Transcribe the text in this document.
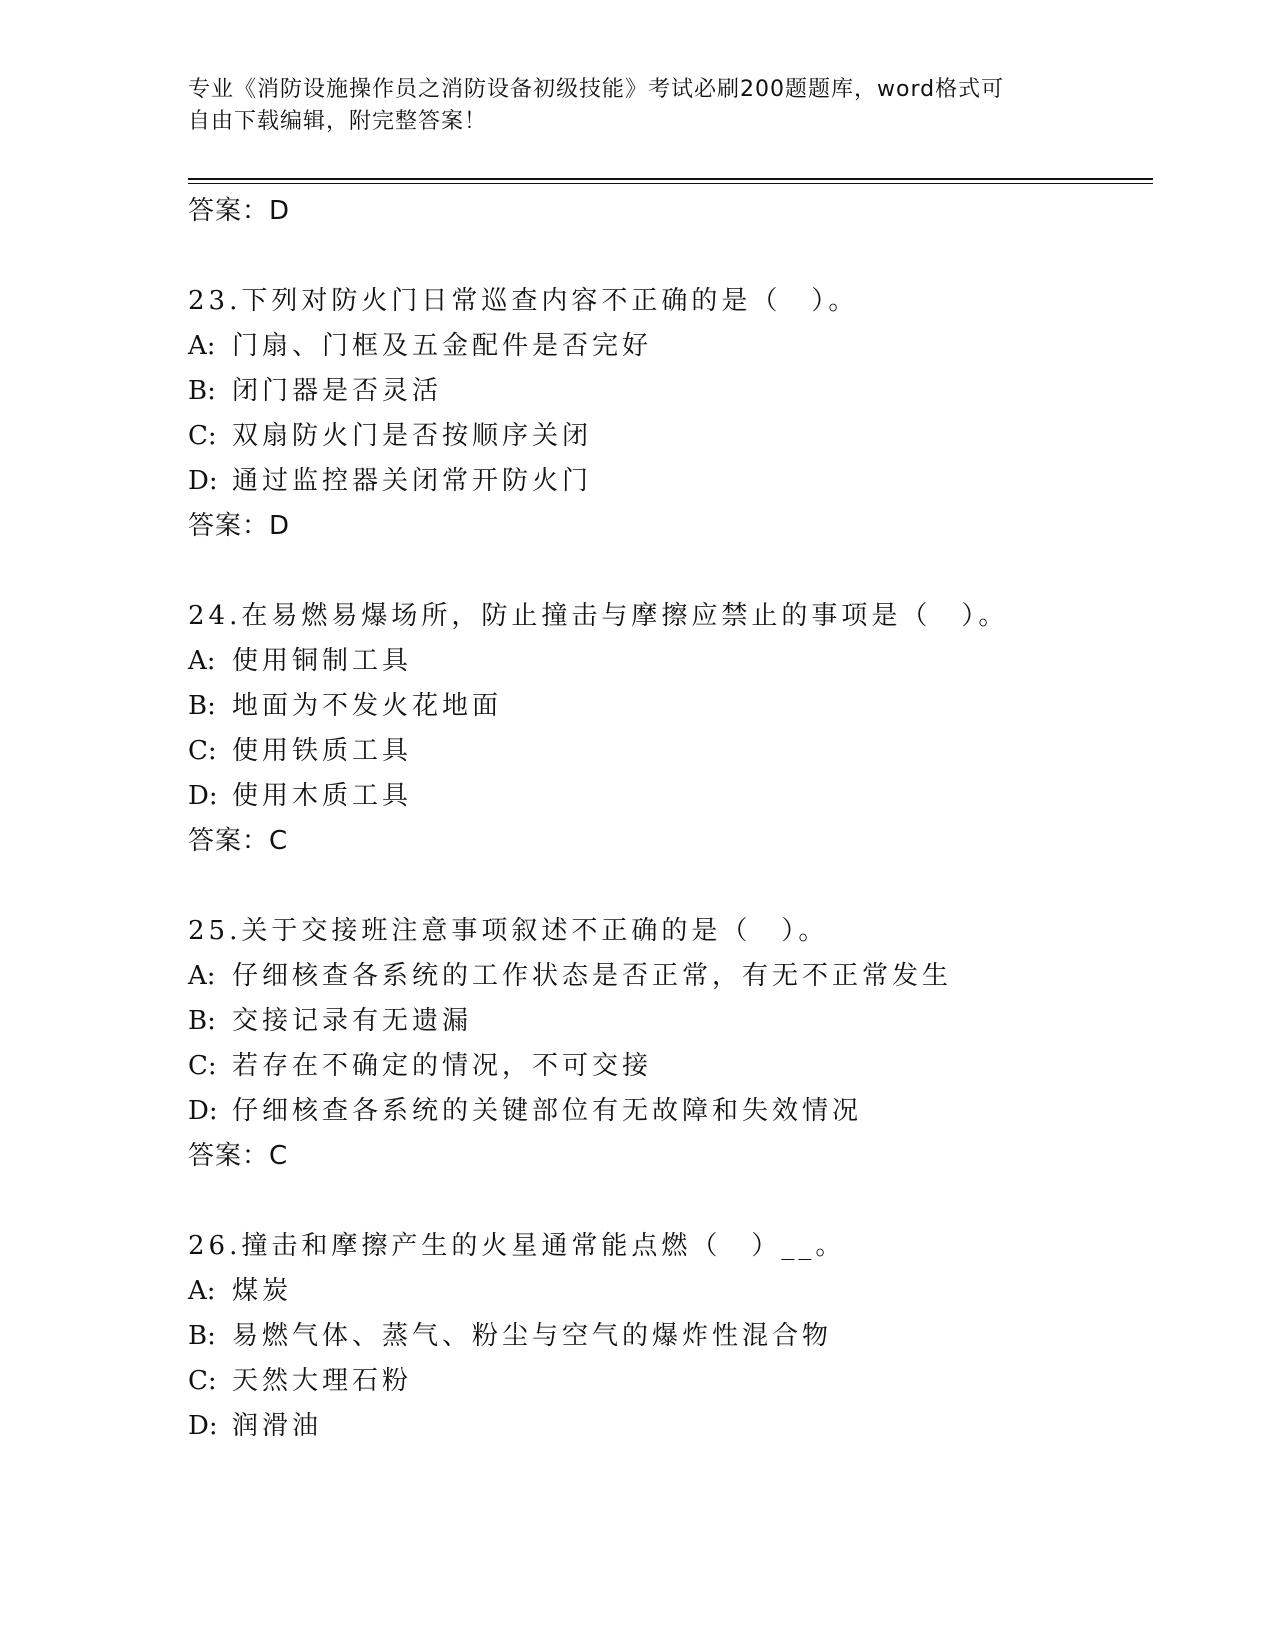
专业《消防设施操作员之消防设备初级技能》考试必刷200题题库，word格式可
自由下载编辑，附完整答案！
答案：D
23.下列对防火门日常巡查内容不正确的是（　）。
A: 门扇、门框及五金配件是否完好
B: 闭门器是否灵活
C: 双扇防火门是否按顺序关闭
D: 通过监控器关闭常开防火门
答案：D
24.在易燃易爆场所，防止撞击与摩擦应禁止的事项是（　）。
A: 使用铜制工具
B: 地面为不发火花地面
C: 使用铁质工具
D: 使用木质工具
答案：C
25.关于交接班注意事项叙述不正确的是（　）。
A: 仔细核查各系统的工作状态是否正常，有无不正常发生
B: 交接记录有无遗漏
C: 若存在不确定的情况，不可交接
D: 仔细核查各系统的关键部位有无故障和失效情况
答案：C
26.撞击和摩擦产生的火星通常能点燃（　）__。
A: 煤炭
B: 易燃气体、蒸气、粉尘与空气的爆炸性混合物
C: 天然大理石粉
D: 润滑油
